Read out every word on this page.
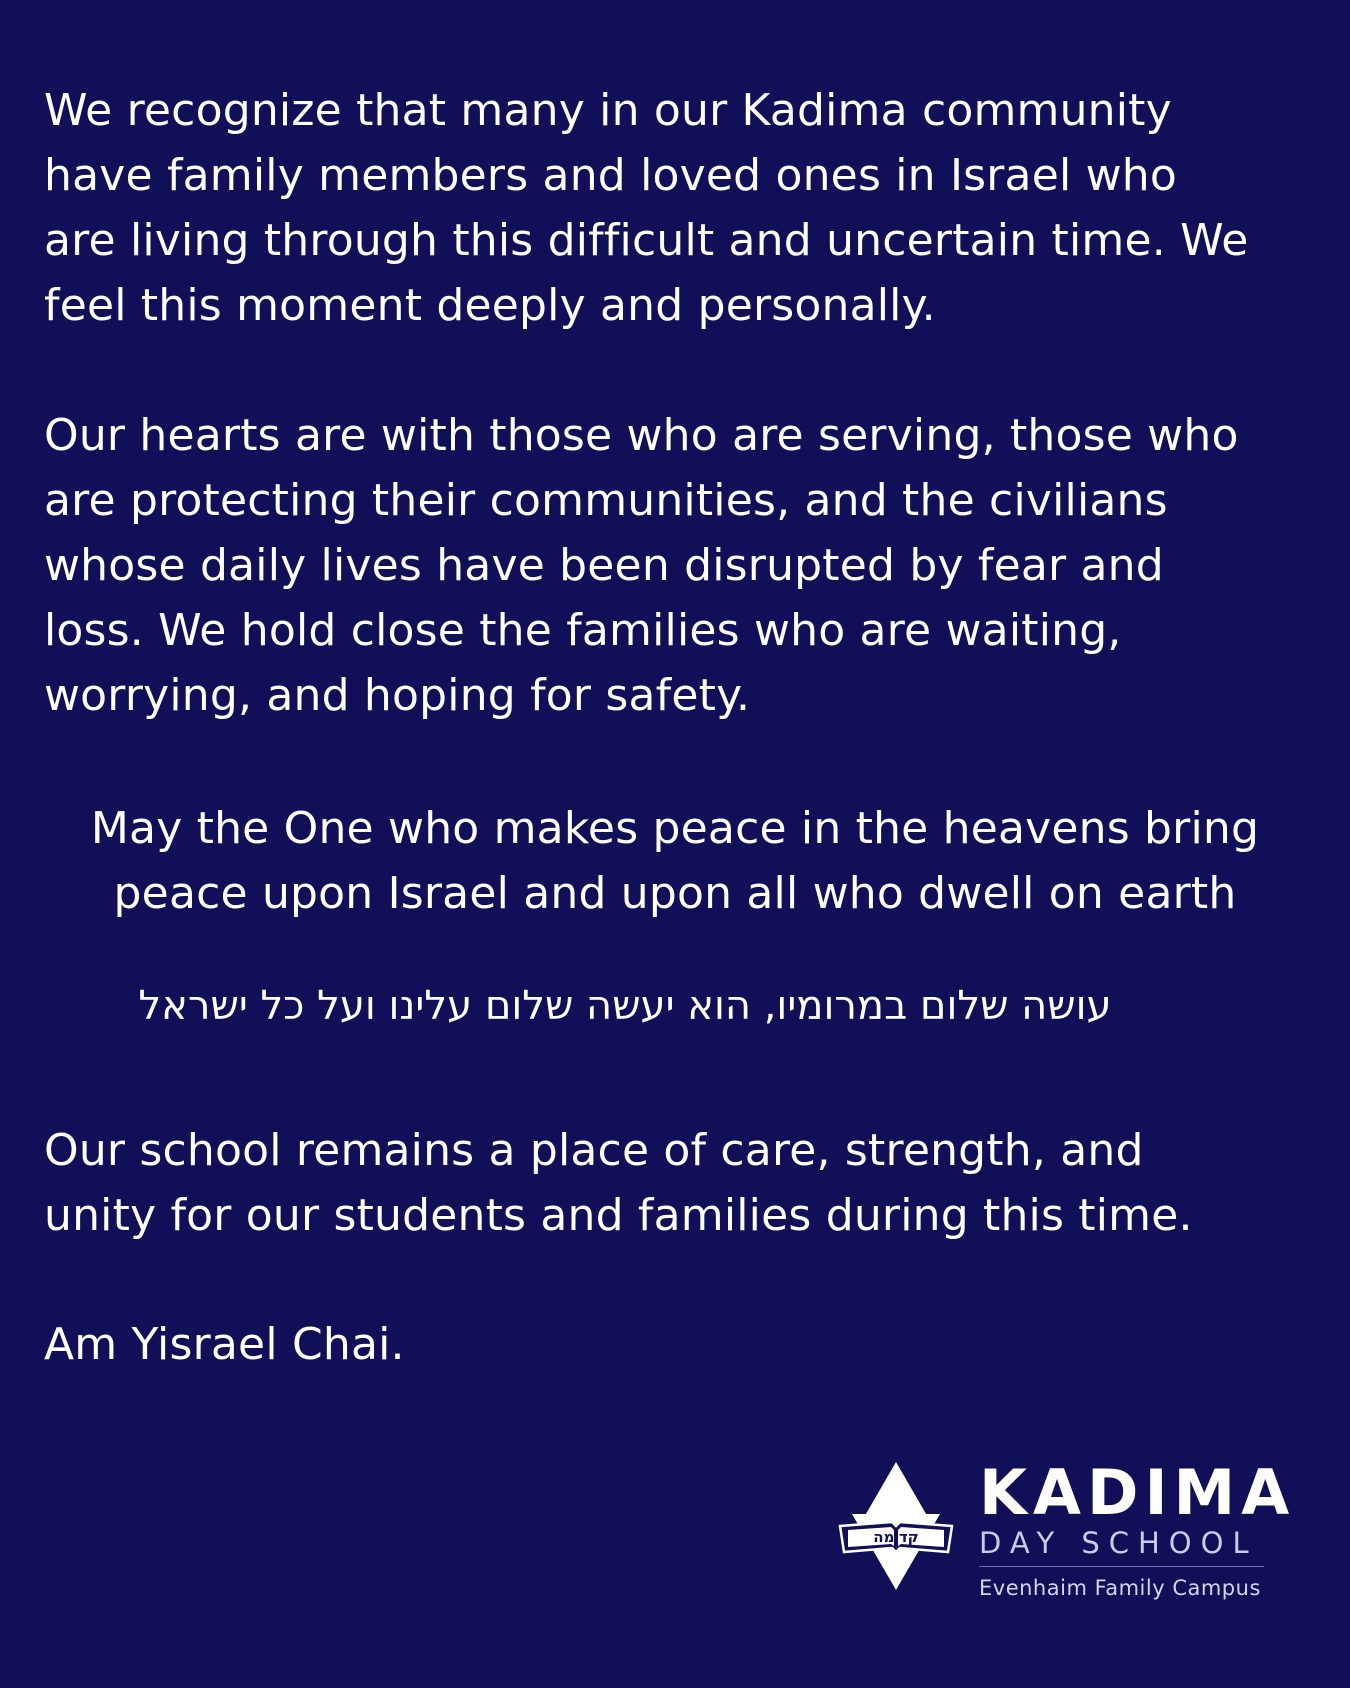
We recognize that many in our Kadima community
have family members and loved ones in Israel who
are living through this difficult and uncertain time. We
feel this moment deeply and personally.

Our hearts are with those who are serving, those who
are protecting their communities, and the civilians
whose daily lives have been disrupted by fear and
loss. We hold close the families who are waiting,
worrying, and hoping for safety.

May the One who makes peace in the heavens bring
peace upon Israel and upon all who dwell on earth

עושה שלום במרומיו, הוא יעשה שלום עלינו ועל כל ישראל

Our school remains a place of care, strength, and
unity for our students and families during this time.

Am Yisrael Chai.

קדימה
KADIMA
DAY SCHOOL
Evenhaim Family Campus
